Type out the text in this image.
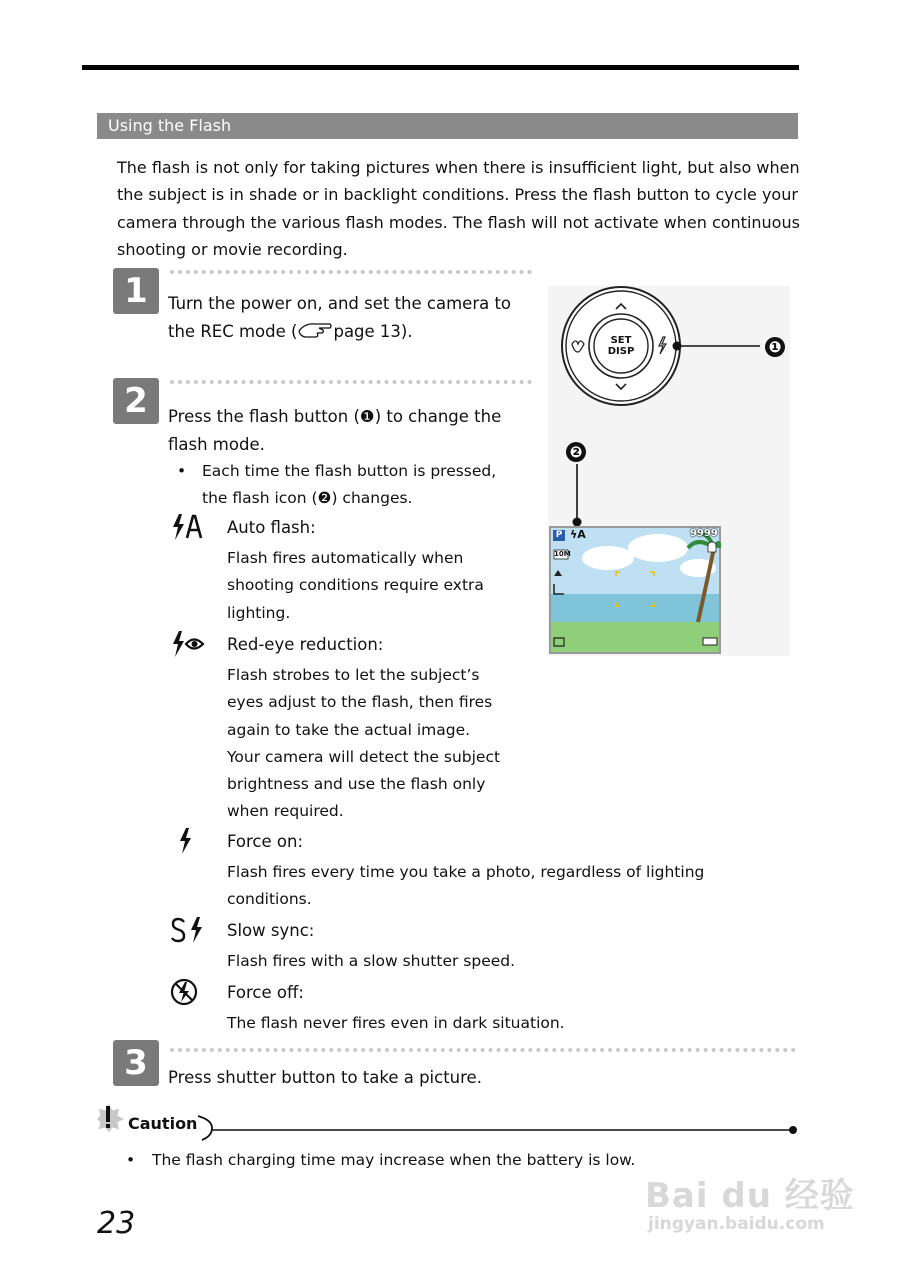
Using the Flash
The flash is not only for taking pictures when there is insufficient light, but also when
the subject is in shade or in backlight conditions. Press the flash button to cycle your
camera through the various flash modes. The flash will not activate when continuous
shooting or movie recording.
1	Turn the power on, and set the camera to
the REC mode ( page 13).
2	Press the flash button (❶) to change the
flash mode.
• Each time the flash button is pressed,
the flash icon (❷) changes.
Auto flash:
Flash fires automatically when
shooting conditions require extra
lighting.
Red-eye reduction:
Flash strobes to let the subject’s
eyes adjust to the flash, then fires
again to take the actual image.
Your camera will detect the subject
brightness and use the flash only
when required.
Force on:
Flash fires every time you take a photo, regardless of lighting
conditions.
Slow sync:
Flash fires with a slow shutter speed.
Force off:
The flash never fires even in dark situation.
3	Press shutter button to take a picture.
SET
DISP	❶
❷
P ϟA	9999
10M
Caution
• The flash charging time may increase when the battery is low.
23
Bai du 经验
jingyan.baidu.com
